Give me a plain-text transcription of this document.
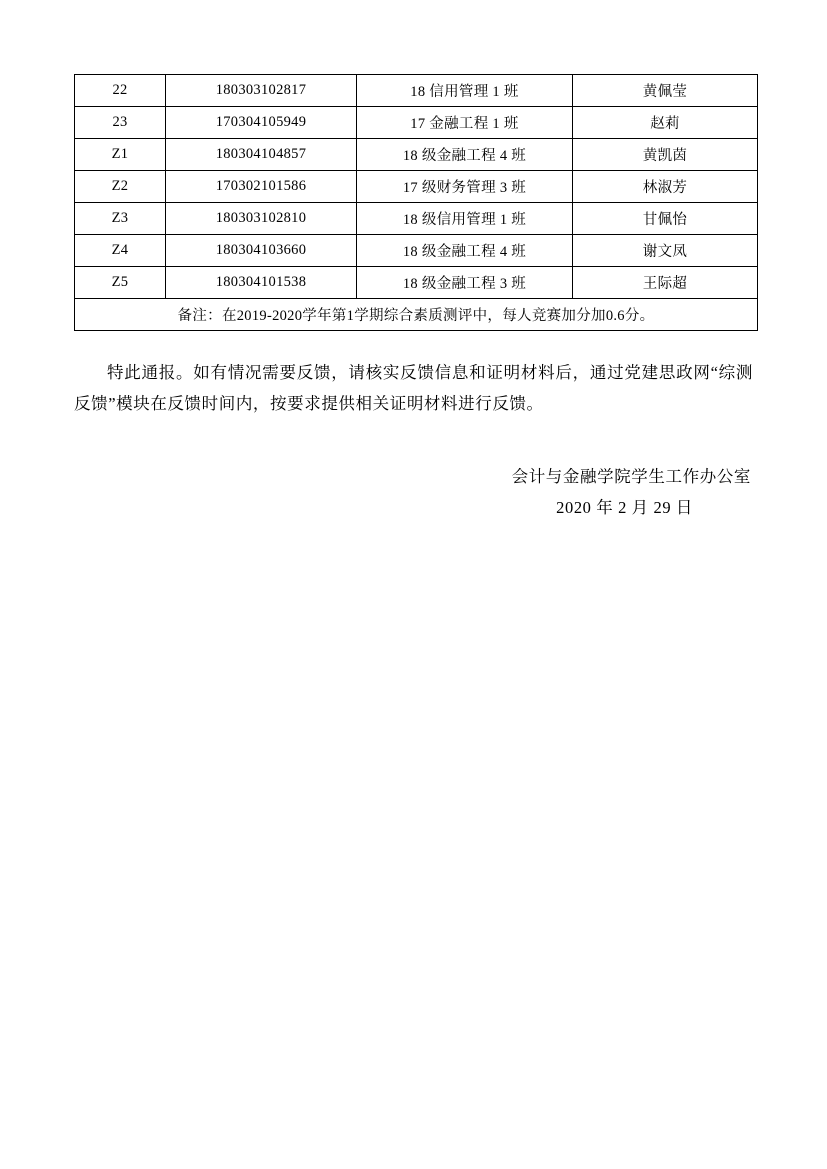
22	180303102817	18 信用管理 1 班	黄佩莹
23	170304105949	17 金融工程 1 班	赵莉
Z1	180304104857	18 级金融工程 4 班	黄凯茵
Z2	170302101586	17 级财务管理 3 班	林淑芳
Z3	180303102810	18 级信用管理 1 班	甘佩怡
Z4	180304103660	18 级金融工程 4 班	谢文凤
Z5	180304101538	18 级金融工程 3 班	王际超
备注：在2019-2020学年第1学期综合素质测评中，每人竞赛加分加0.6分。			

特此通报。如有情况需要反馈，请核实反馈信息和证明材料后，通过党建思政网“综测反馈”模块在反馈时间内，按要求提供相关证明材料进行反馈。

会计与金融学院学生工作办公室
2020 年 2 月 29 日
